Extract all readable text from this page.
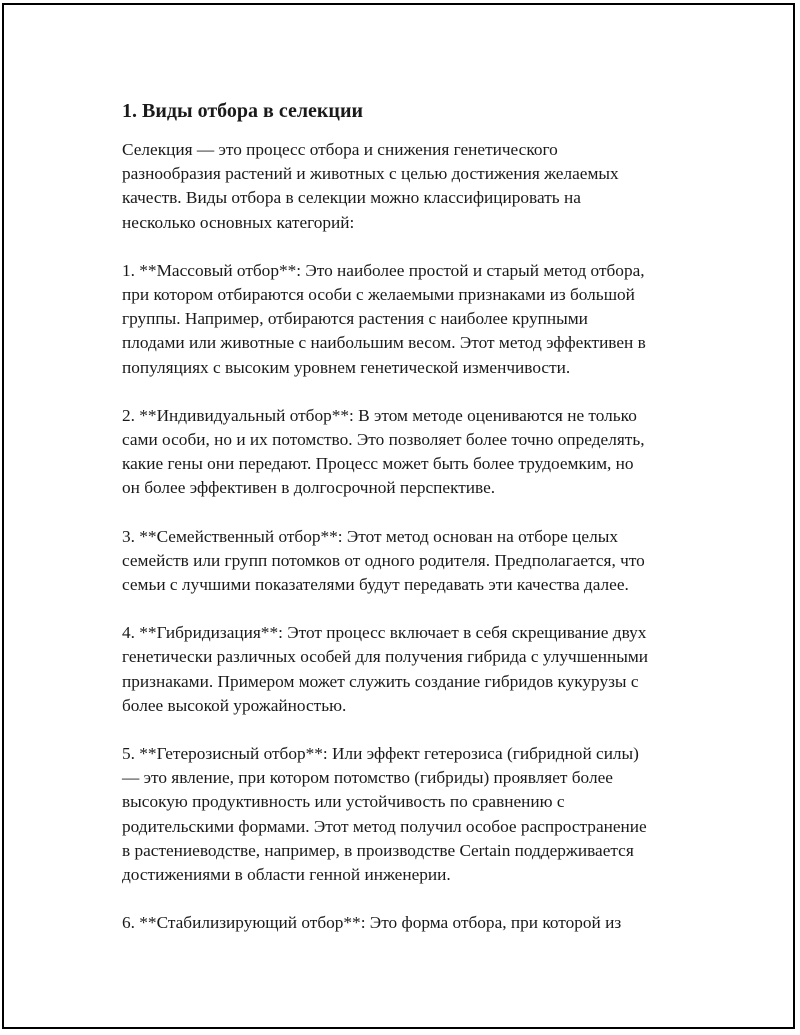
1. Виды отбора в селекции
Селекция — это процесс отбора и снижения генетического
разнообразия растений и животных с целью достижения желаемых
качеств. Виды отбора в селекции можно классифицировать на
несколько основных категорий:
1. **Массовый отбор**: Это наиболее простой и старый метод отбора,
при котором отбираются особи с желаемыми признаками из большой
группы. Например, отбираются растения с наиболее крупными
плодами или животные с наибольшим весом. Этот метод эффективен в
популяциях с высоким уровнем генетической изменчивости.
2. **Индивидуальный отбор**: В этом методе оцениваются не только
сами особи, но и их потомство. Это позволяет более точно определять,
какие гены они передают. Процесс может быть более трудоемким, но
он более эффективен в долгосрочной перспективе.
3. **Семейственный отбор**: Этот метод основан на отборе целых
семейств или групп потомков от одного родителя. Предполагается, что
семьи с лучшими показателями будут передавать эти качества далее.
4. **Гибридизация**: Этот процесс включает в себя скрещивание двух
генетически различных особей для получения гибрида с улучшенными
признаками. Примером может служить создание гибридов кукурузы с
более высокой урожайностью.
5. **Гетерозисный отбор**: Или эффект гетерозиса (гибридной силы)
— это явление, при котором потомство (гибриды) проявляет более
высокую продуктивность или устойчивость по сравнению с
родительскими формами. Этот метод получил особое распространение
в растениеводстве, например, в производстве Certain поддерживается
достижениями в области генной инженерии.
6. **Стабилизирующий отбор**: Это форма отбора, при которой из
